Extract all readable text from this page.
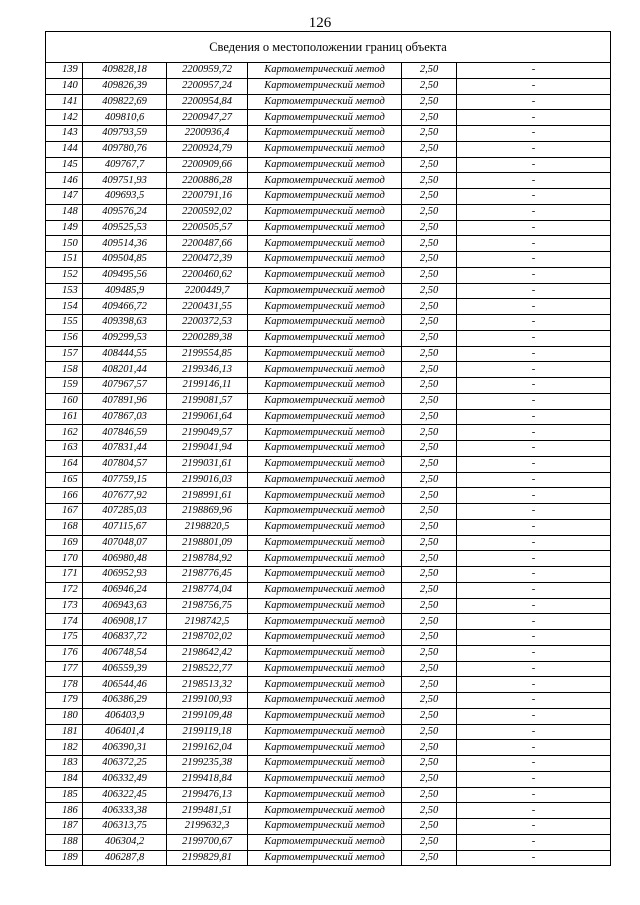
126
Сведения о местоположении границ объекта					
139	409828,18	2200959,72	Картометрический метод	2,50	-
140	409826,39	2200957,24	Картометрический метод	2,50	-
141	409822,69	2200954,84	Картометрический метод	2,50	-
142	409810,6	2200947,27	Картометрический метод	2,50	-
143	409793,59	2200936,4	Картометрический метод	2,50	-
144	409780,76	2200924,79	Картометрический метод	2,50	-
145	409767,7	2200909,66	Картометрический метод	2,50	-
146	409751,93	2200886,28	Картометрический метод	2,50	-
147	409693,5	2200791,16	Картометрический метод	2,50	-
148	409576,24	2200592,02	Картометрический метод	2,50	-
149	409525,53	2200505,57	Картометрический метод	2,50	-
150	409514,36	2200487,66	Картометрический метод	2,50	-
151	409504,85	2200472,39	Картометрический метод	2,50	-
152	409495,56	2200460,62	Картометрический метод	2,50	-
153	409485,9	2200449,7	Картометрический метод	2,50	-
154	409466,72	2200431,55	Картометрический метод	2,50	-
155	409398,63	2200372,53	Картометрический метод	2,50	-
156	409299,53	2200289,38	Картометрический метод	2,50	-
157	408444,55	2199554,85	Картометрический метод	2,50	-
158	408201,44	2199346,13	Картометрический метод	2,50	-
159	407967,57	2199146,11	Картометрический метод	2,50	-
160	407891,96	2199081,57	Картометрический метод	2,50	-
161	407867,03	2199061,64	Картометрический метод	2,50	-
162	407846,59	2199049,57	Картометрический метод	2,50	-
163	407831,44	2199041,94	Картометрический метод	2,50	-
164	407804,57	2199031,61	Картометрический метод	2,50	-
165	407759,15	2199016,03	Картометрический метод	2,50	-
166	407677,92	2198991,61	Картометрический метод	2,50	-
167	407285,03	2198869,96	Картометрический метод	2,50	-
168	407115,67	2198820,5	Картометрический метод	2,50	-
169	407048,07	2198801,09	Картометрический метод	2,50	-
170	406980,48	2198784,92	Картометрический метод	2,50	-
171	406952,93	2198776,45	Картометрический метод	2,50	-
172	406946,24	2198774,04	Картометрический метод	2,50	-
173	406943,63	2198756,75	Картометрический метод	2,50	-
174	406908,17	2198742,5	Картометрический метод	2,50	-
175	406837,72	2198702,02	Картометрический метод	2,50	-
176	406748,54	2198642,42	Картометрический метод	2,50	-
177	406559,39	2198522,77	Картометрический метод	2,50	-
178	406544,46	2198513,32	Картометрический метод	2,50	-
179	406386,29	2199100,93	Картометрический метод	2,50	-
180	406403,9	2199109,48	Картометрический метод	2,50	-
181	406401,4	2199119,18	Картометрический метод	2,50	-
182	406390,31	2199162,04	Картометрический метод	2,50	-
183	406372,25	2199235,38	Картометрический метод	2,50	-
184	406332,49	2199418,84	Картометрический метод	2,50	-
185	406322,45	2199476,13	Картометрический метод	2,50	-
186	406333,38	2199481,51	Картометрический метод	2,50	-
187	406313,75	2199632,3	Картометрический метод	2,50	-
188	406304,2	2199700,67	Картометрический метод	2,50	-
189	406287,8	2199829,81	Картометрический метод	2,50	-
